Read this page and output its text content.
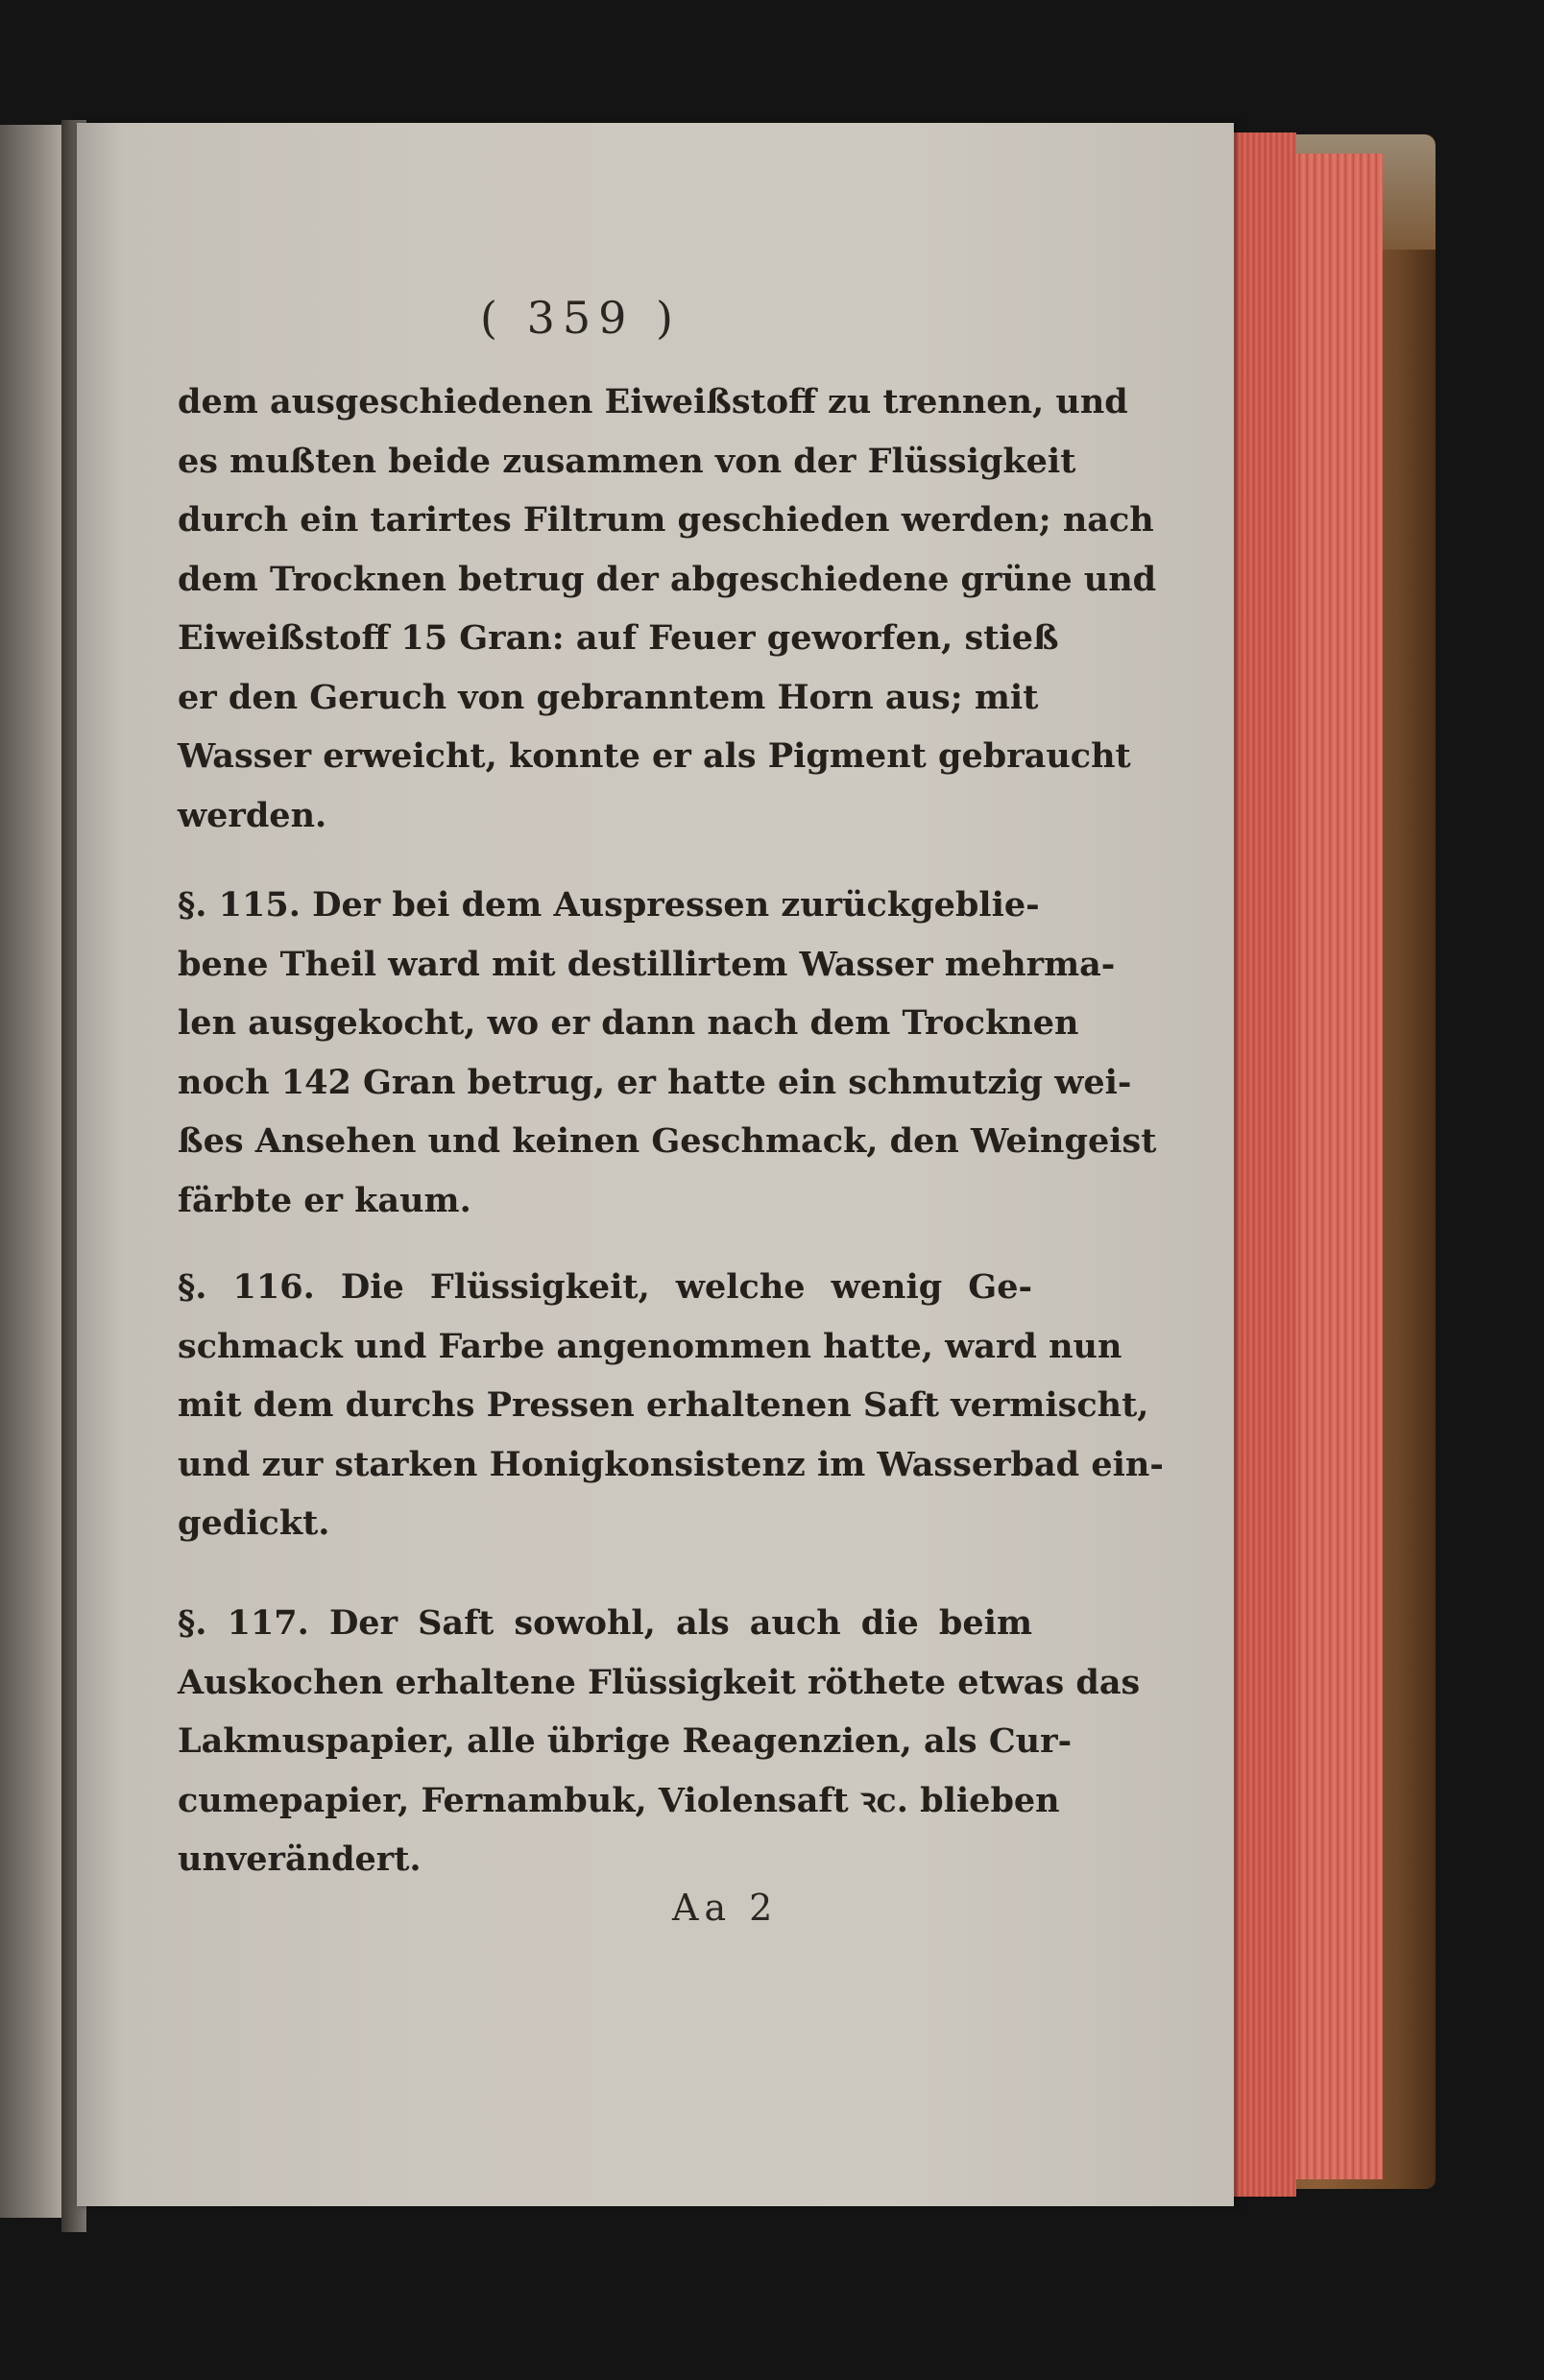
( 359 )
dem ausgeschiedenen Eiweißstoff zu trennen, und
es mußten beide zusammen von der Flüssigkeit
durch ein tarirtes Filtrum geschieden werden; nach
dem Trocknen betrug der abgeschiedene grüne und
Eiweißstoff 15 Gran: auf Feuer geworfen, stieß
er den Geruch von gebranntem Horn aus; mit
Wasser erweicht, konnte er als Pigment gebraucht
werden.
§. 115. Der bei dem Auspressen zurückgeblie-
bene Theil ward mit destillirtem Wasser mehrma-
len ausgekocht, wo er dann nach dem Trocknen
noch 142 Gran betrug, er hatte ein schmutzig wei-
ßes Ansehen und keinen Geschmack, den Weingeist
färbte er kaum.
§. 116. Die Flüssigkeit, welche wenig Ge-
schmack und Farbe angenommen hatte, ward nun
mit dem durchs Pressen erhaltenen Saft vermischt,
und zur starken Honigkonsistenz im Wasserbad ein-
gedickt.
§. 117. Der Saft sowohl, als auch die beim
Auskochen erhaltene Flüssigkeit röthete etwas das
Lakmuspapier, alle übrige Reagenzien, als Cur-
cumepapier, Fernambuk, Violensaft ꝛc. blieben
unverändert.
Aa 2
